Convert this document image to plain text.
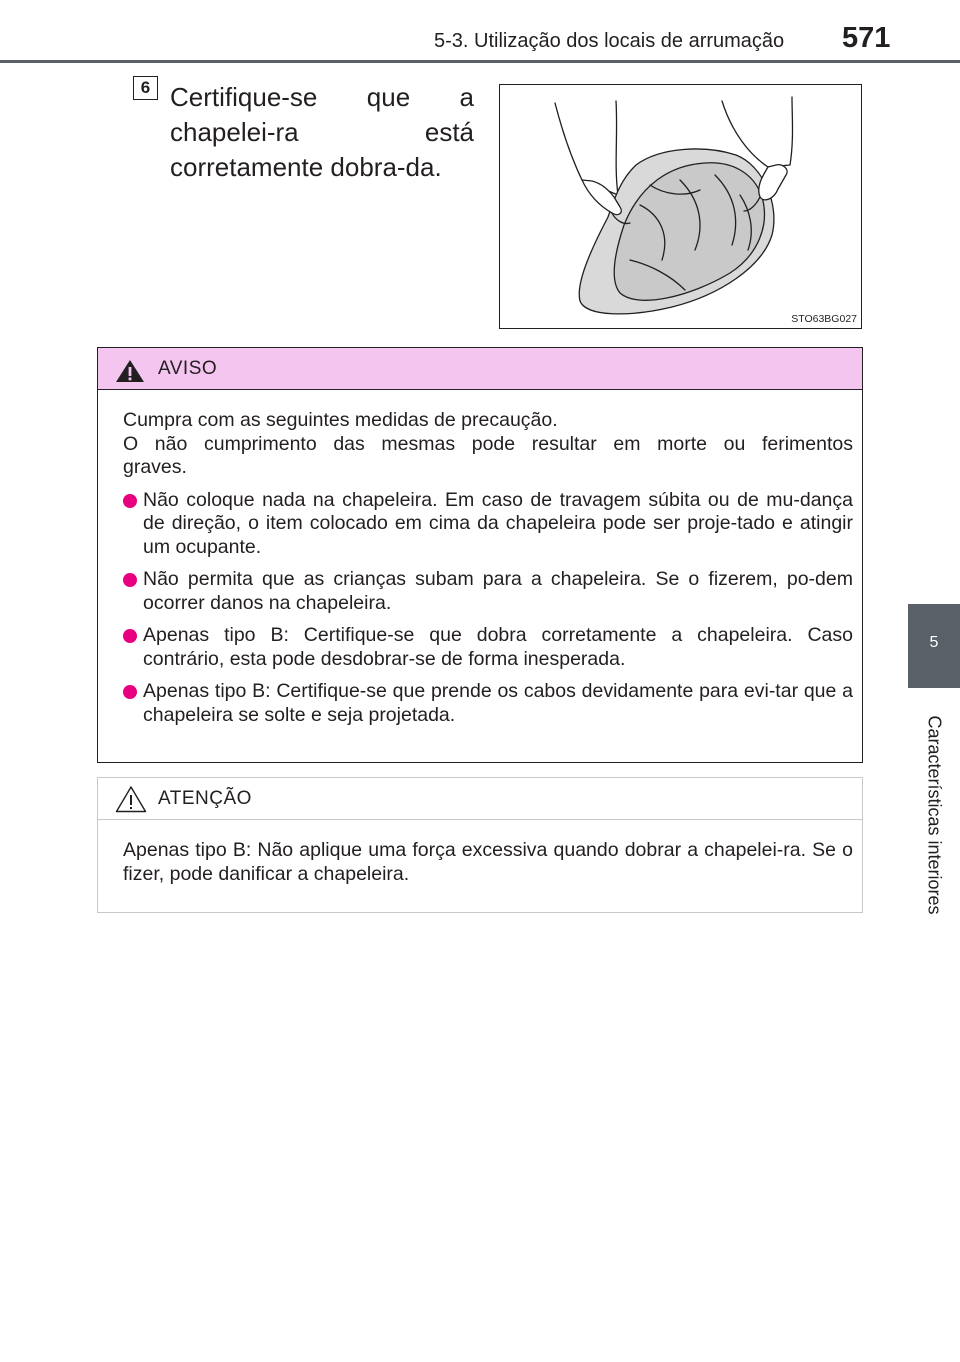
5-3. Utilização dos locais de arrumação 571
5
Características interiores
6 Certifique-se que a chapelei-ra está corretamente dobra-da.
STO63BG027
AVISO
Cumpra com as seguintes medidas de precaução.
O não cumprimento das mesmas pode resultar em morte ou ferimentos
graves.
Não coloque nada na chapeleira. Em caso de travagem súbita ou de mu-dança de direção, o item colocado em cima da chapeleira pode ser proje-tado e atingir um ocupante.
Não permita que as crianças subam para a chapeleira. Se o fizerem, po-dem ocorrer danos na chapeleira.
Apenas tipo B: Certifique-se que dobra corretamente a chapeleira. Caso contrário, esta pode desdobrar-se de forma inesperada.
Apenas tipo B: Certifique-se que prende os cabos devidamente para evi-tar que a chapeleira se solte e seja projetada.
ATENÇÃO

Apenas tipo B: Não aplique uma força excessiva quando dobrar a chapelei-ra. Se o fizer, pode danificar a chapeleira.
